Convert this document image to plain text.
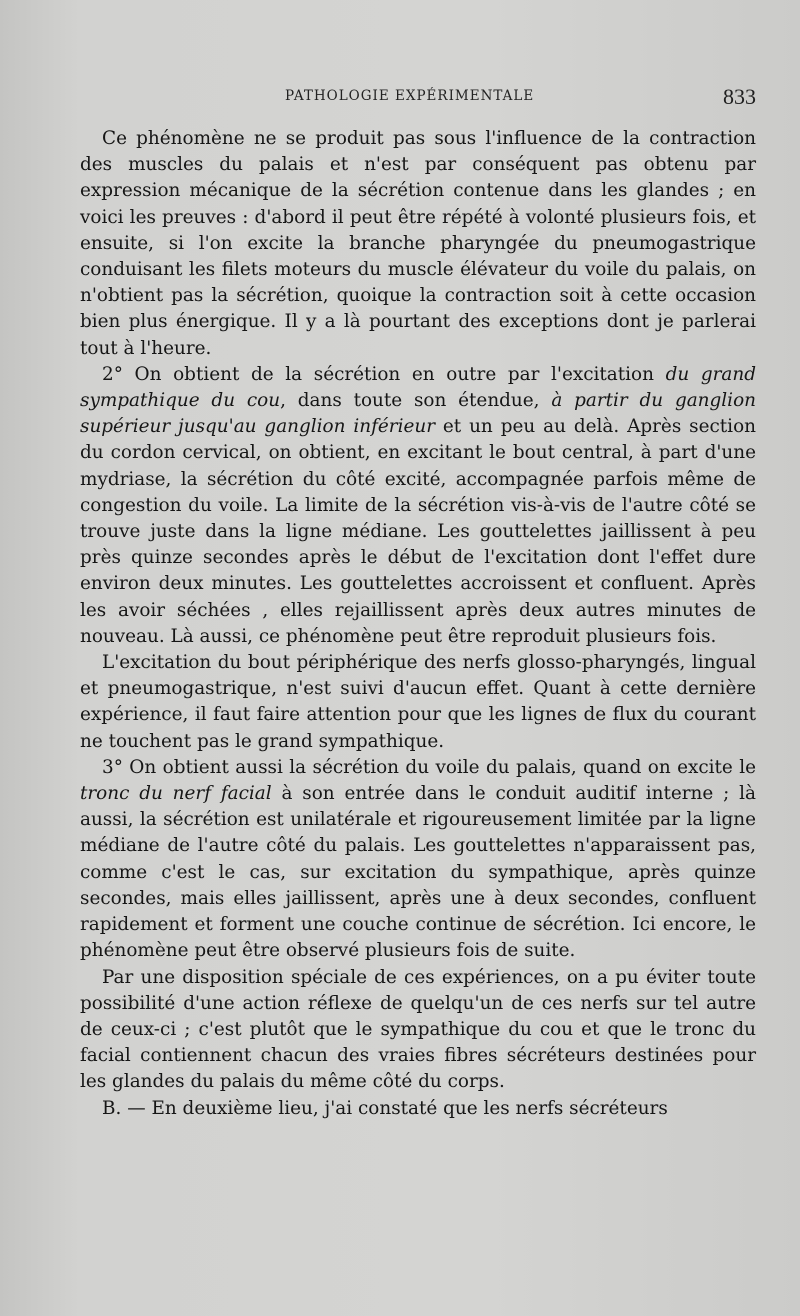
PATHOLOGIE EXPÉRIMENTALE	833

Ce phénomène ne se produit pas sous l'influence de la contraction des muscles du palais et n'est par conséquent pas obtenu par expression mécanique de la sécrétion contenue dans les glandes ; en voici les preuves : d'abord il peut être répété à volonté plusieurs fois, et ensuite, si l'on excite la branche pharyngée du pneumogastrique conduisant les filets moteurs du muscle élévateur du voile du palais, on n'obtient pas la sécrétion, quoique la contraction soit à cette occasion bien plus énergique. Il y a là pourtant des exceptions dont je parlerai tout à l'heure.

2° On obtient de la sécrétion en outre par l'excitation du grand sympathique du cou, dans toute son étendue, à partir du ganglion supérieur jusqu'au ganglion inférieur et un peu au delà. Après section du cordon cervical, on obtient, en excitant le bout central, à part d'une mydriase, la sécrétion du côté excité, accompagnée parfois même de congestion du voile. La limite de la sécrétion vis-à-vis de l'autre côté se trouve juste dans la ligne médiane. Les gouttelettes jaillissent à peu près quinze secondes après le début de l'excitation dont l'effet dure environ deux minutes. Les gouttelettes accroissent et confluent. Après les avoir séchées , elles rejaillissent après deux autres minutes de nouveau. Là aussi, ce phénomène peut être reproduit plusieurs fois.

L'excitation du bout périphérique des nerfs glosso-pharyngés, lingual et pneumogastrique, n'est suivi d'aucun effet. Quant à cette dernière expérience, il faut faire attention pour que les lignes de flux du courant ne touchent pas le grand sympathique.

3° On obtient aussi la sécrétion du voile du palais, quand on excite le tronc du nerf facial à son entrée dans le conduit auditif interne ; là aussi, la sécrétion est unilatérale et rigoureusement limitée par la ligne médiane de l'autre côté du palais. Les gouttelettes n'apparaissent pas, comme c'est le cas, sur excitation du sympathique, après quinze secondes, mais elles jaillissent, après une à deux secondes, confluent rapidement et forment une couche continue de sécrétion. Ici encore, le phénomène peut être observé plusieurs fois de suite.

Par une disposition spéciale de ces expériences, on a pu éviter toute possibilité d'une action réflexe de quelqu'un de ces nerfs sur tel autre de ceux-ci ; c'est plutôt que le sympathique du cou et que le tronc du facial contiennent chacun des vraies fibres sécréteurs destinées pour les glandes du palais du même côté du corps.

B. — En deuxième lieu, j'ai constaté que les nerfs sécréteurs
